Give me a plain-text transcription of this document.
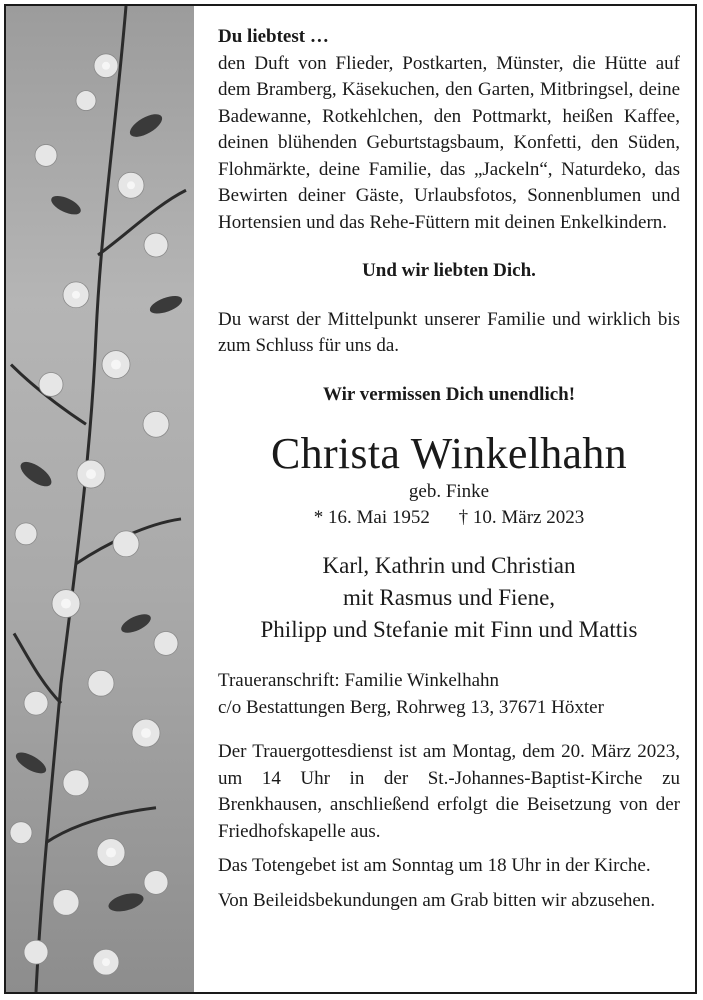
Du liebtest …

den Duft von Flieder, Postkarten, Münster, die Hütte auf dem Bramberg, Käsekuchen, den Garten, Mitbringsel, deine Badewanne, Rotkehlchen, den Pottmarkt, heißen Kaffee, deinen blühenden Geburtstagsbaum, Konfetti, den Süden, Flohmärkte, deine Familie, das „Jackeln“, Naturdeko, das Bewirten deiner Gäste, Urlaubsfotos, Sonnenblumen und Hortensien und das Rehe-Füttern mit deinen Enkelkindern.

Und wir liebten Dich.

Du warst der Mittelpunkt unserer Familie und wirklich bis zum Schluss für uns da.

Wir vermissen Dich unendlich!

Christa Winkelhahn
geb. Finke
* 16. Mai 1952 † 10. März 2023
Karl, Kathrin und Christian
mit Rasmus und Fiene,
Philipp und Stefanie mit Finn und Mattis

Traueranschrift: Familie Winkelhahn

c/o Bestattungen Berg, Rohrweg 13, 37671 Höxter

Der Trauergottesdienst ist am Montag, dem 20. März 2023, um 14 Uhr in der St.-Johannes-Baptist-Kirche zu Brenkhausen, anschließend erfolgt die Beisetzung von der Friedhofskapelle aus.

Das Totengebet ist am Sonntag um 18 Uhr in der Kirche.

Von Beileidsbekundungen am Grab bitten wir abzusehen.
